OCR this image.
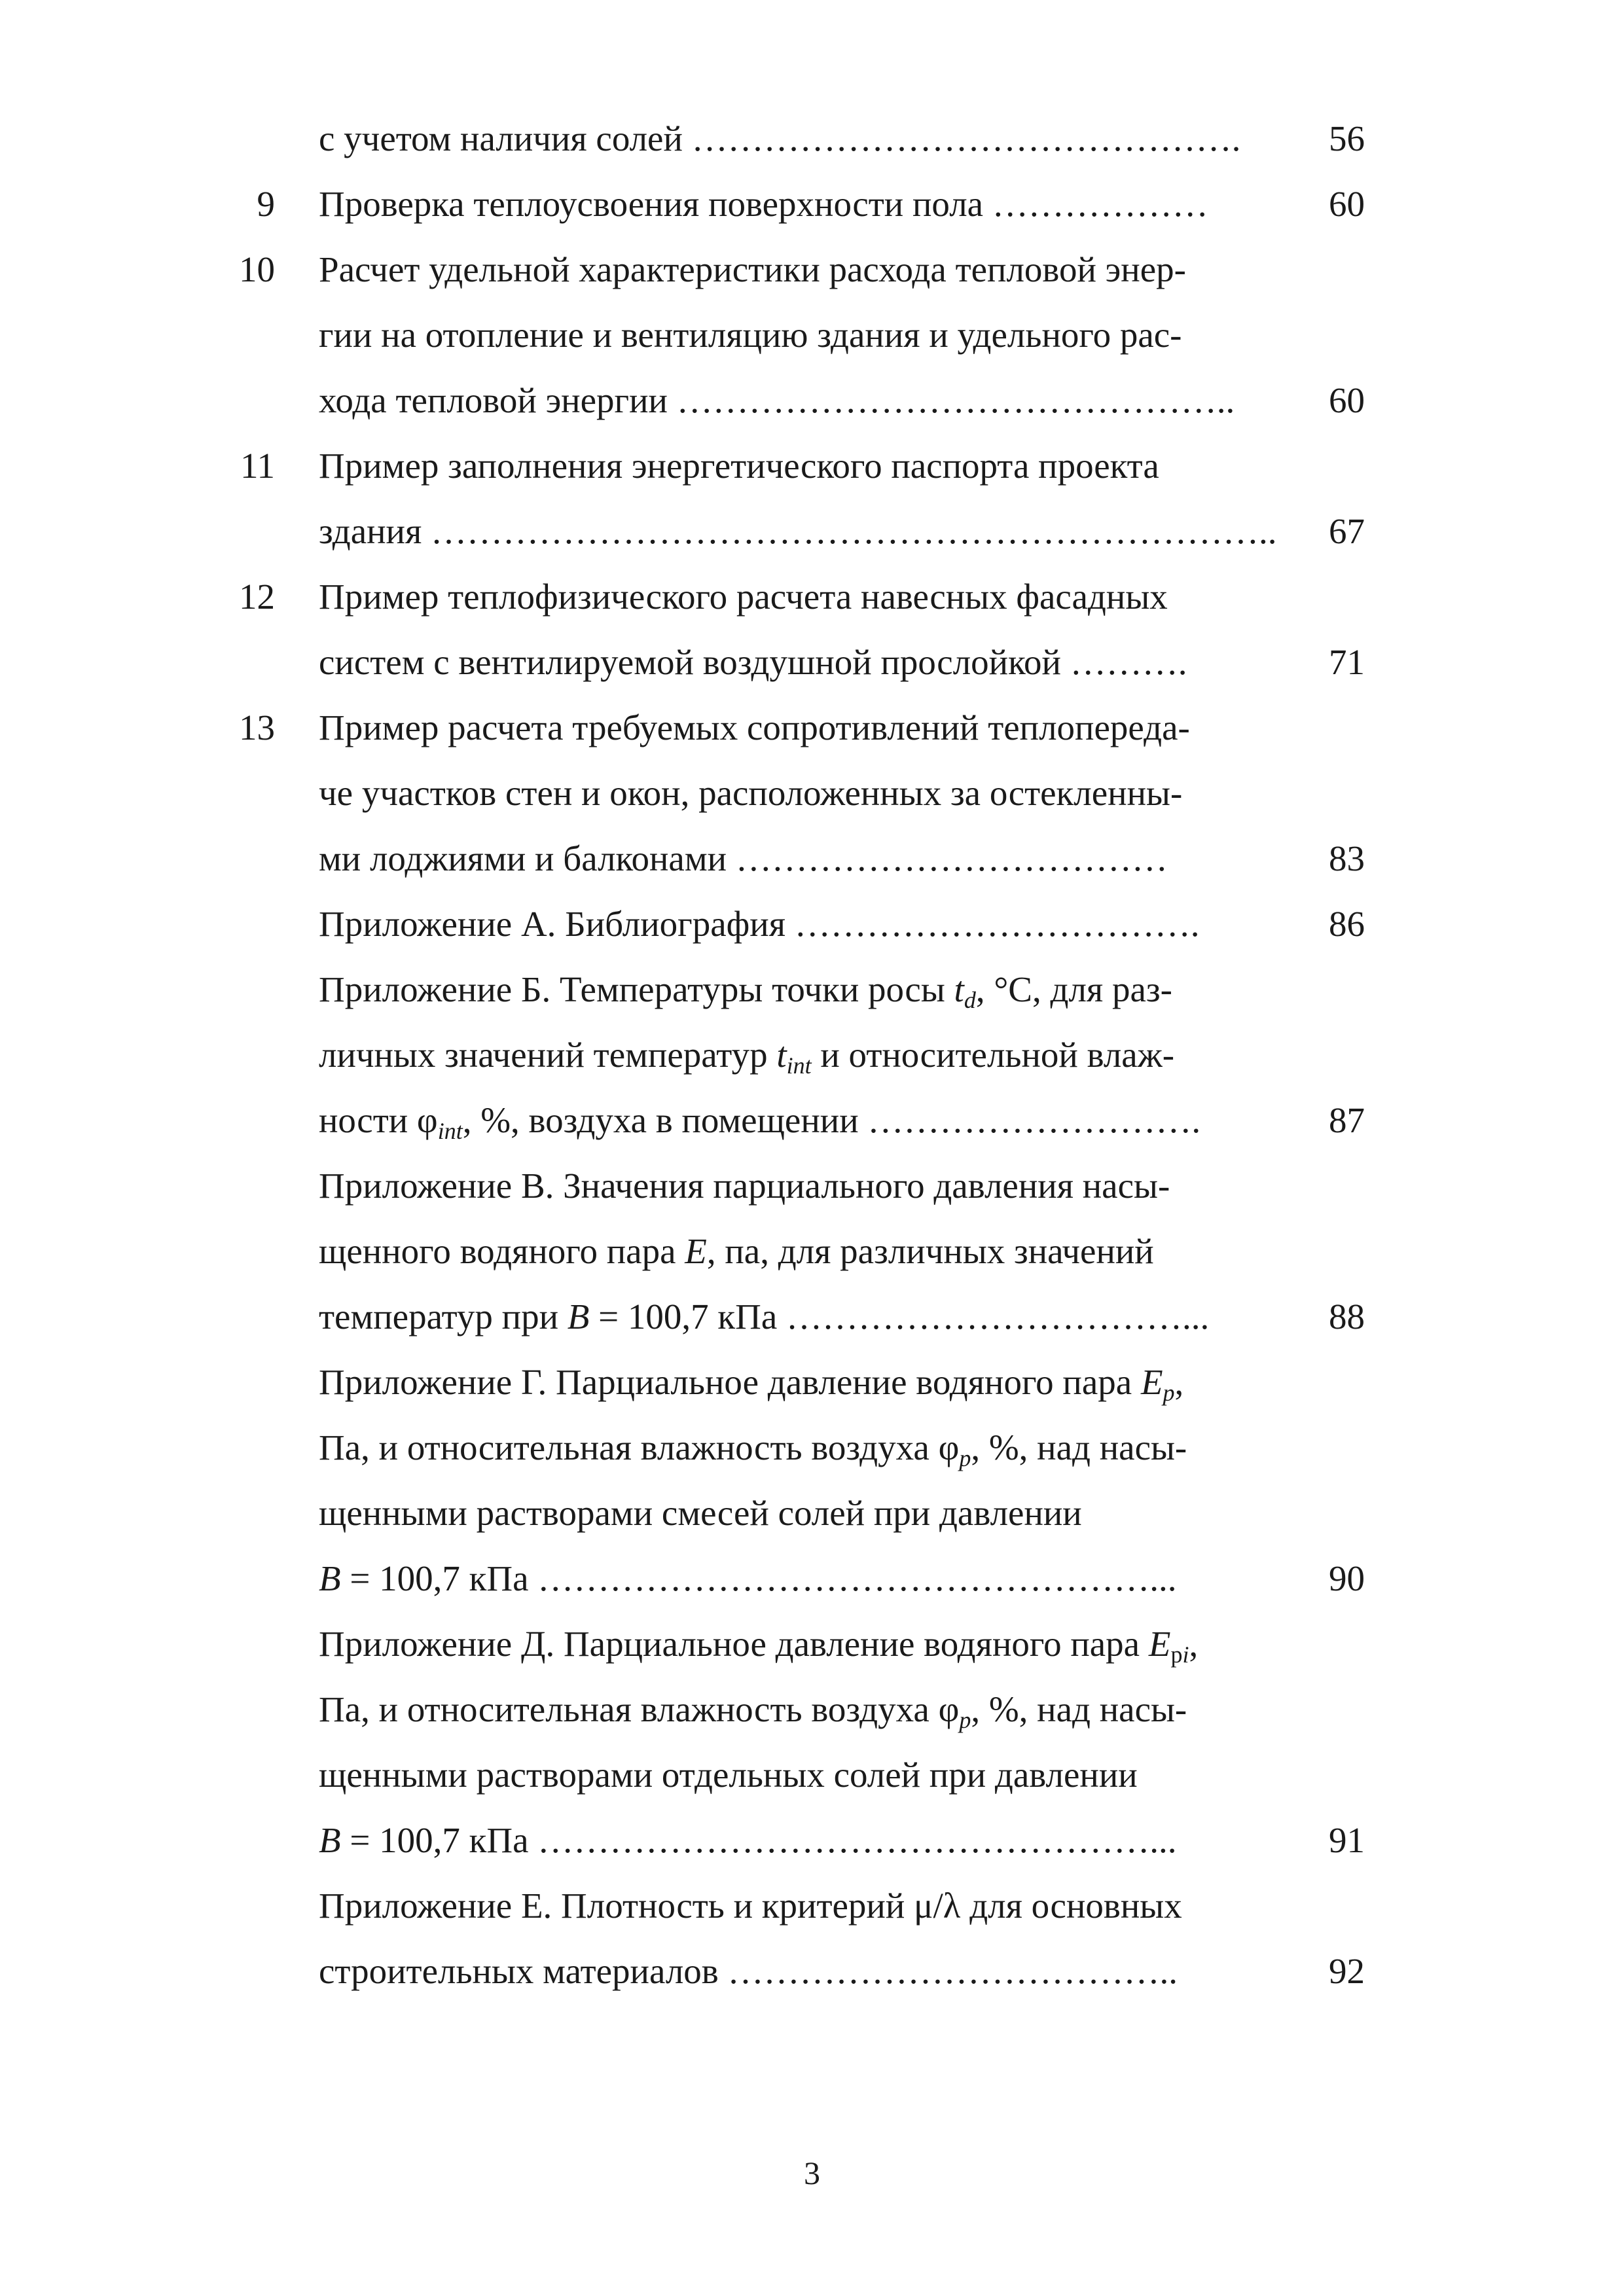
с учетом наличия солей ……………………………………….	56
9 Проверка теплоусвоения поверхности пола ………………	60
10 Расчет удельной характеристики расхода тепловой энер-
гии на отопление и вентиляцию здания и удельного рас-
хода тепловой энергии ………………………………………..	60
11 Пример заполнения энергетического паспорта проекта
здания ……………………………………………………………..	67
12 Пример теплофизического расчета навесных фасадных
систем с вентилируемой воздушной прослойкой ……….	71
13 Пример расчета требуемых сопротивлений теплопереда-
че участков стен и окон, расположенных за остекленны-
ми лоджиями и балконами ………………………………	83
Приложение А. Библиография …………………………….	86
Приложение Б. Температуры точки росы td, °С, для раз-
личных значений температур tint и относительной влаж-
ности φint, %, воздуха в помещении ……………………….	87
Приложение В. Значения парциального давления насы-
щенного водяного пара E, па, для различных значений
температур при B = 100,7 кПа ……………………………...	88
Приложение Г. Парциальное давление водяного пара Ep,
Па, и относительная влажность воздуха φp, %, над насы-
щенными растворами смесей солей при давлении
B = 100,7 кПа ……………………………………………...	90
Приложение Д. Парциальное давление водяного пара Epi,
Па, и относительная влажность воздуха φp, %, над насы-
щенными растворами отдельных солей при давлении
B = 100,7 кПа ……………………………………………...	91
Приложение Е. Плотность и критерий μ/λ для основных
строительных материалов ………………………………..	92
3
